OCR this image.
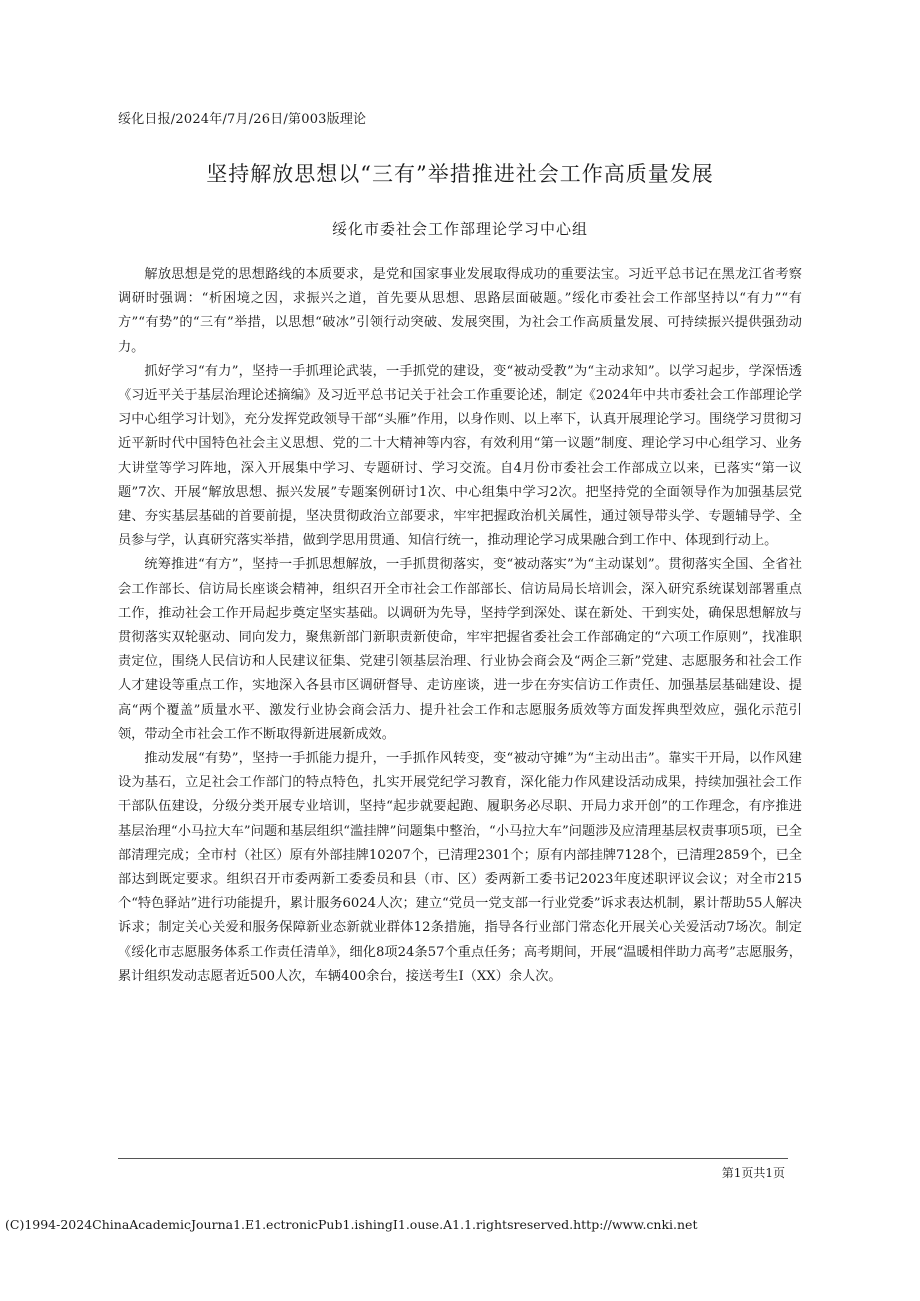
绥化日报/2024年/7月/26日/第003版理论
坚持解放思想以“三有”举措推进社会工作高质量发展
绥化市委社会工作部理论学习中心组

解放思想是党的思想路线的本质要求，是党和国家事业发展取得成功的重要法宝。习近平总书记在黑龙江省考察调研时强调：“析困境之因，求振兴之道，首先要从思想、思路层面破题。”绥化市委社会工作部坚持以“有力”“有方”“有势”的“三有”举措，以思想“破冰”引领行动突破、发展突围，为社会工作高质量发展、可持续振兴提供强劲动力。

抓好学习“有力”，坚持一手抓理论武装，一手抓党的建设，变“被动受教”为“主动求知”。以学习起步，学深悟透《习近平关于基层治理论述摘编》及习近平总书记关于社会工作重要论述，制定《2024年中共市委社会工作部理论学习中心组学习计划》，充分发挥党政领导干部“头雁”作用，以身作则、以上率下，认真开展理论学习。围绕学习贯彻习近平新时代中国特色社会主义思想、党的二十大精神等内容，有效利用“第一议题”制度、理论学习中心组学习、业务大讲堂等学习阵地，深入开展集中学习、专题研讨、学习交流。自4月份市委社会工作部成立以来，已落实“第一议题”7次、开展“解放思想、振兴发展”专题案例研讨1次、中心组集中学习2次。把坚持党的全面领导作为加强基层党建、夯实基层基础的首要前提，坚决贯彻政治立部要求，牢牢把握政治机关属性，通过领导带头学、专题辅导学、全员参与学，认真研究落实举措，做到学思用贯通、知信行统一，推动理论学习成果融合到工作中、体现到行动上。

统筹推进“有方”，坚持一手抓思想解放，一手抓贯彻落实，变“被动落实”为“主动谋划”。贯彻落实全国、全省社会工作部长、信访局长座谈会精神，组织召开全市社会工作部部长、信访局局长培训会，深入研究系统谋划部署重点工作，推动社会工作开局起步奠定坚实基础。以调研为先导，坚持学到深处、谋在新处、干到实处，确保思想解放与贯彻落实双轮驱动、同向发力，聚焦新部门新职责新使命，牢牢把握省委社会工作部确定的“六项工作原则”，找准职责定位，围绕人民信访和人民建议征集、党建引领基层治理、行业协会商会及“两企三新”党建、志愿服务和社会工作人才建设等重点工作，实地深入各县市区调研督导、走访座谈，进一步在夯实信访工作责任、加强基层基础建设、提高“两个覆盖”质量水平、激发行业协会商会活力、提升社会工作和志愿服务质效等方面发挥典型效应，强化示范引领，带动全市社会工作不断取得新进展新成效。

推动发展“有势”，坚持一手抓能力提升，一手抓作风转变，变“被动守摊”为“主动出击”。靠实干开局，以作风建设为基石，立足社会工作部门的特点特色，扎实开展党纪学习教育，深化能力作风建设活动成果，持续加强社会工作干部队伍建设，分级分类开展专业培训，坚持“起步就要起跑、履职务必尽职、开局力求开创”的工作理念，有序推进基层治理“小马拉大车”问题和基层组织“滥挂牌”问题集中整治，“小马拉大车”问题涉及应清理基层权责事项5项，已全部清理完成；全市村（社区）原有外部挂牌10207个，已清理2301个；原有内部挂牌7128个，已清理2859个，已全部达到既定要求。组织召开市委两新工委委员和县（市、区）委两新工委书记2023年度述职评议会议；对全市215个“特色驿站”进行功能提升，累计服务6024人次；建立“党员一党支部一行业党委”诉求表达机制，累计帮助55人解决诉求；制定关心关爱和服务保障新业态新就业群体12条措施，指导各行业部门常态化开展关心关爱活动7场次。制定《绥化市志愿服务体系工作责任清单》，细化8项24条57个重点任务；高考期间，开展“温暖相伴助力高考”志愿服务，累计组织发动志愿者近500人次，车辆400余台，接送考生I（XX）余人次。

第1页共1页
(C)1994-2024ChinaAcademicJourna1.E1.ectronicPub1.ishingI1.ouse.A1.1.rightsreserved.http://www.cnki.net
